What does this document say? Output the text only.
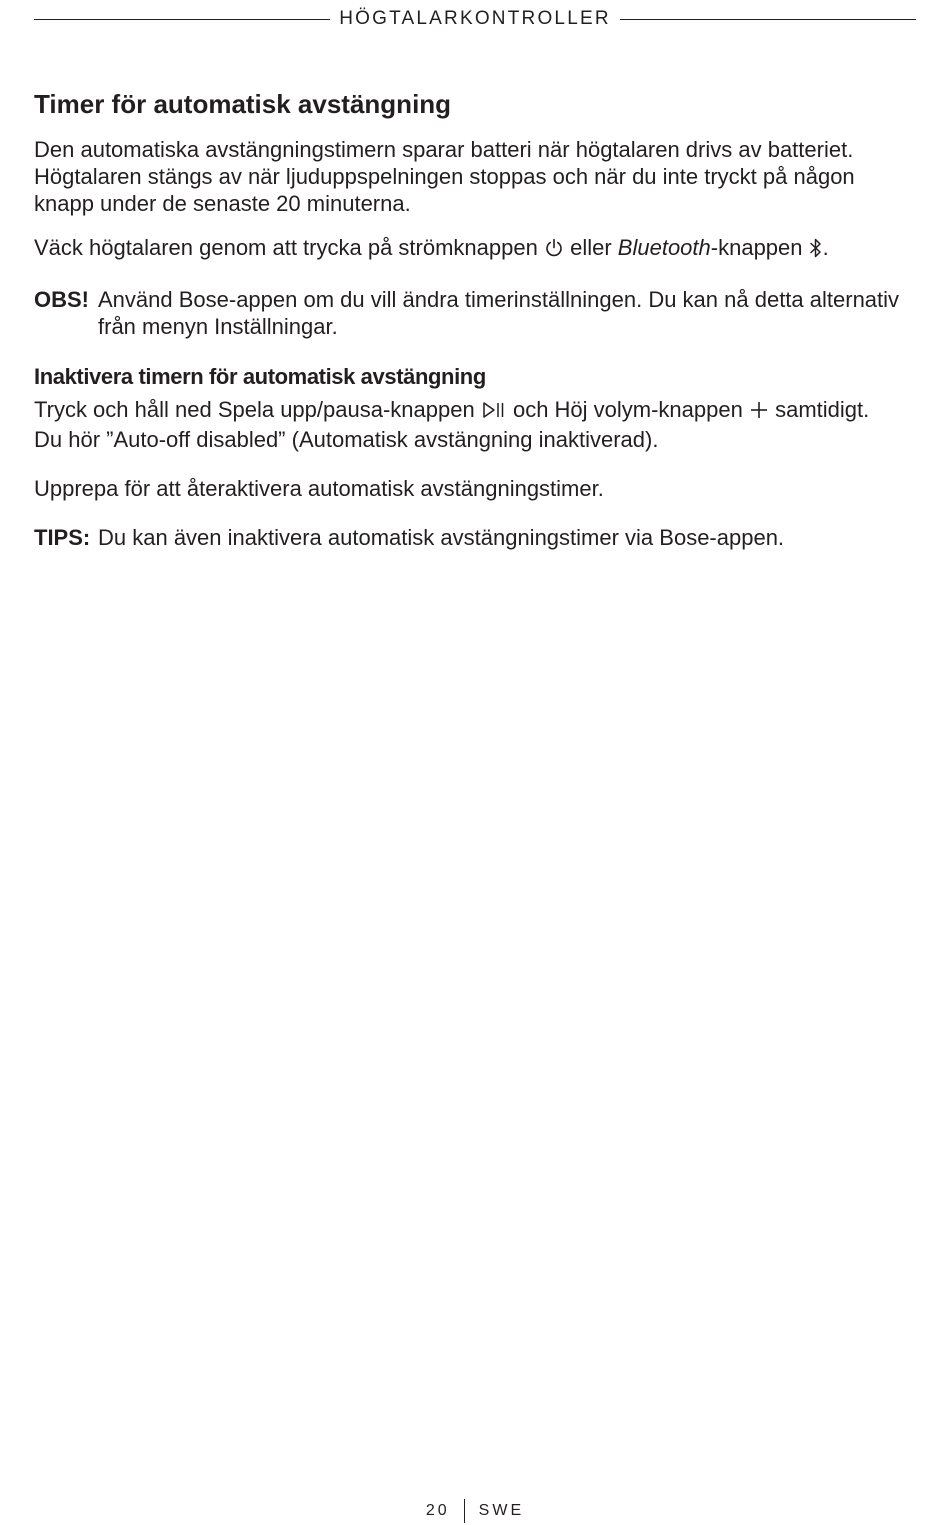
HÖGTALARKONTROLLER
Timer för automatisk avstängning

Den automatiska avstängningstimern sparar batteri när högtalaren drivs av batteriet. Högtalaren stängs av när ljuduppspelningen stoppas och när du inte tryckt på någon knapp under de senaste 20 minuterna.

Väck högtalaren genom att trycka på strömknappen eller Bluetooth-knappen .

OBS! Använd Bose-appen om du vill ändra timerinställningen. Du kan nå detta alternativ från menyn Inställningar.
Inaktivera timern för automatisk avstängning

Tryck och håll ned Spela upp/pausa-knappen och Höj volym-knappen samtidigt.
Du hör ”Auto-off disabled” (Automatisk avstängning inaktiverad).

Upprepa för att återaktivera automatisk avstängningstimer.

TIPS: Du kan även inaktivera automatisk avstängningstimer via Bose-appen.
20 SWE
